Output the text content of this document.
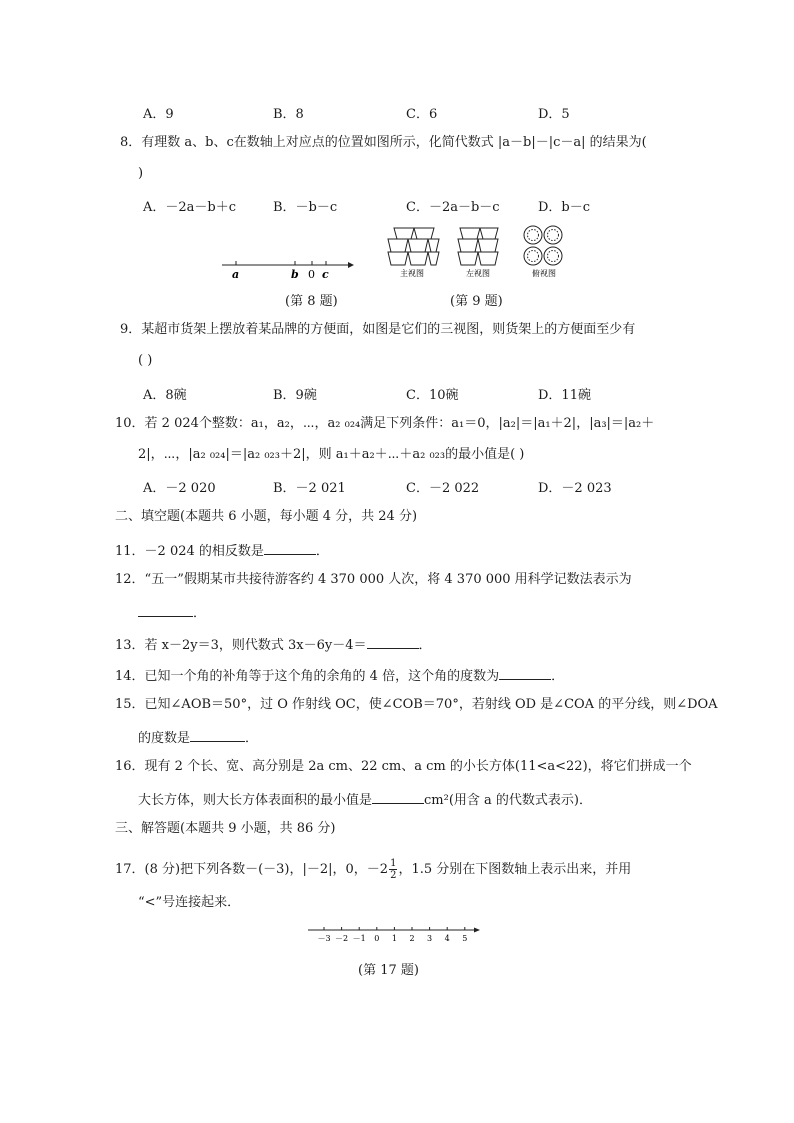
A．9	B．8	C．6	D．5
8．有理数 a、b、c在数轴上对应点的位置如图所示，化简代数式 |a－b|－|c－a| 的结果为(
)
A．－2a－b＋c	B．－b－c	C．－2a－b－c	D．b－c
a	b 0 c	主视图	左视图	俯视图
(第 8 题)	(第 9 题)
9．某超市货架上摆放着某品牌的方便面，如图是它们的三视图，则货架上的方便面至少有
( )
A．8碗	B．9碗	C．10碗	D．11碗
10．若 2 024个整数：a₁，a₂，⋯，a₂ ₀₂₄满足下列条件：a₁＝0，|a₂|＝|a₁＋2|，|a₃|＝|a₂＋
2|，⋯，|a₂ ₀₂₄|＝|a₂ ₀₂₃＋2|，则 a₁＋a₂＋⋯＋a₂ ₀₂₃的最小值是( )
A．－2 020	B．－2 021	C．－2 022	D．－2 023
二、填空题(本题共 6 小题，每小题 4 分，共 24 分)
11．－2 024 的相反数是	．
12．“五一”假期某市共接待游客约 4 370 000 人次，将 4 370 000 用科学记数法表示为
．
13．若 x－2y＝3，则代数式 3x－6y－4＝	．
14．已知一个角的补角等于这个角的余角的 4 倍，这个角的度数为	．
15．已知∠AOB＝50°，过 O 作射线 OC，使∠COB＝70°，若射线 OD 是∠COA 的平分线，则∠DOA
的度数是	．
16．现有 2 个长、宽、高分别是 2a cm、22 cm、a cm 的小长方体(11<a<22)，将它们拼成一个
大长方体，则大长方体表面积的最小值是	cm²(用含 a 的代数式表示)．
三、解答题(本题共 9 小题，共 86 分)
17．(8 分)把下列各数－(－3)，|－2|，0，$-2 \frac{1}{2}$ ，1.5 分别在下图数轴上表示出来，并用
“<”号连接起来．
－3 －2 －1 0 1 2 3 4 5
(第 17 题)
